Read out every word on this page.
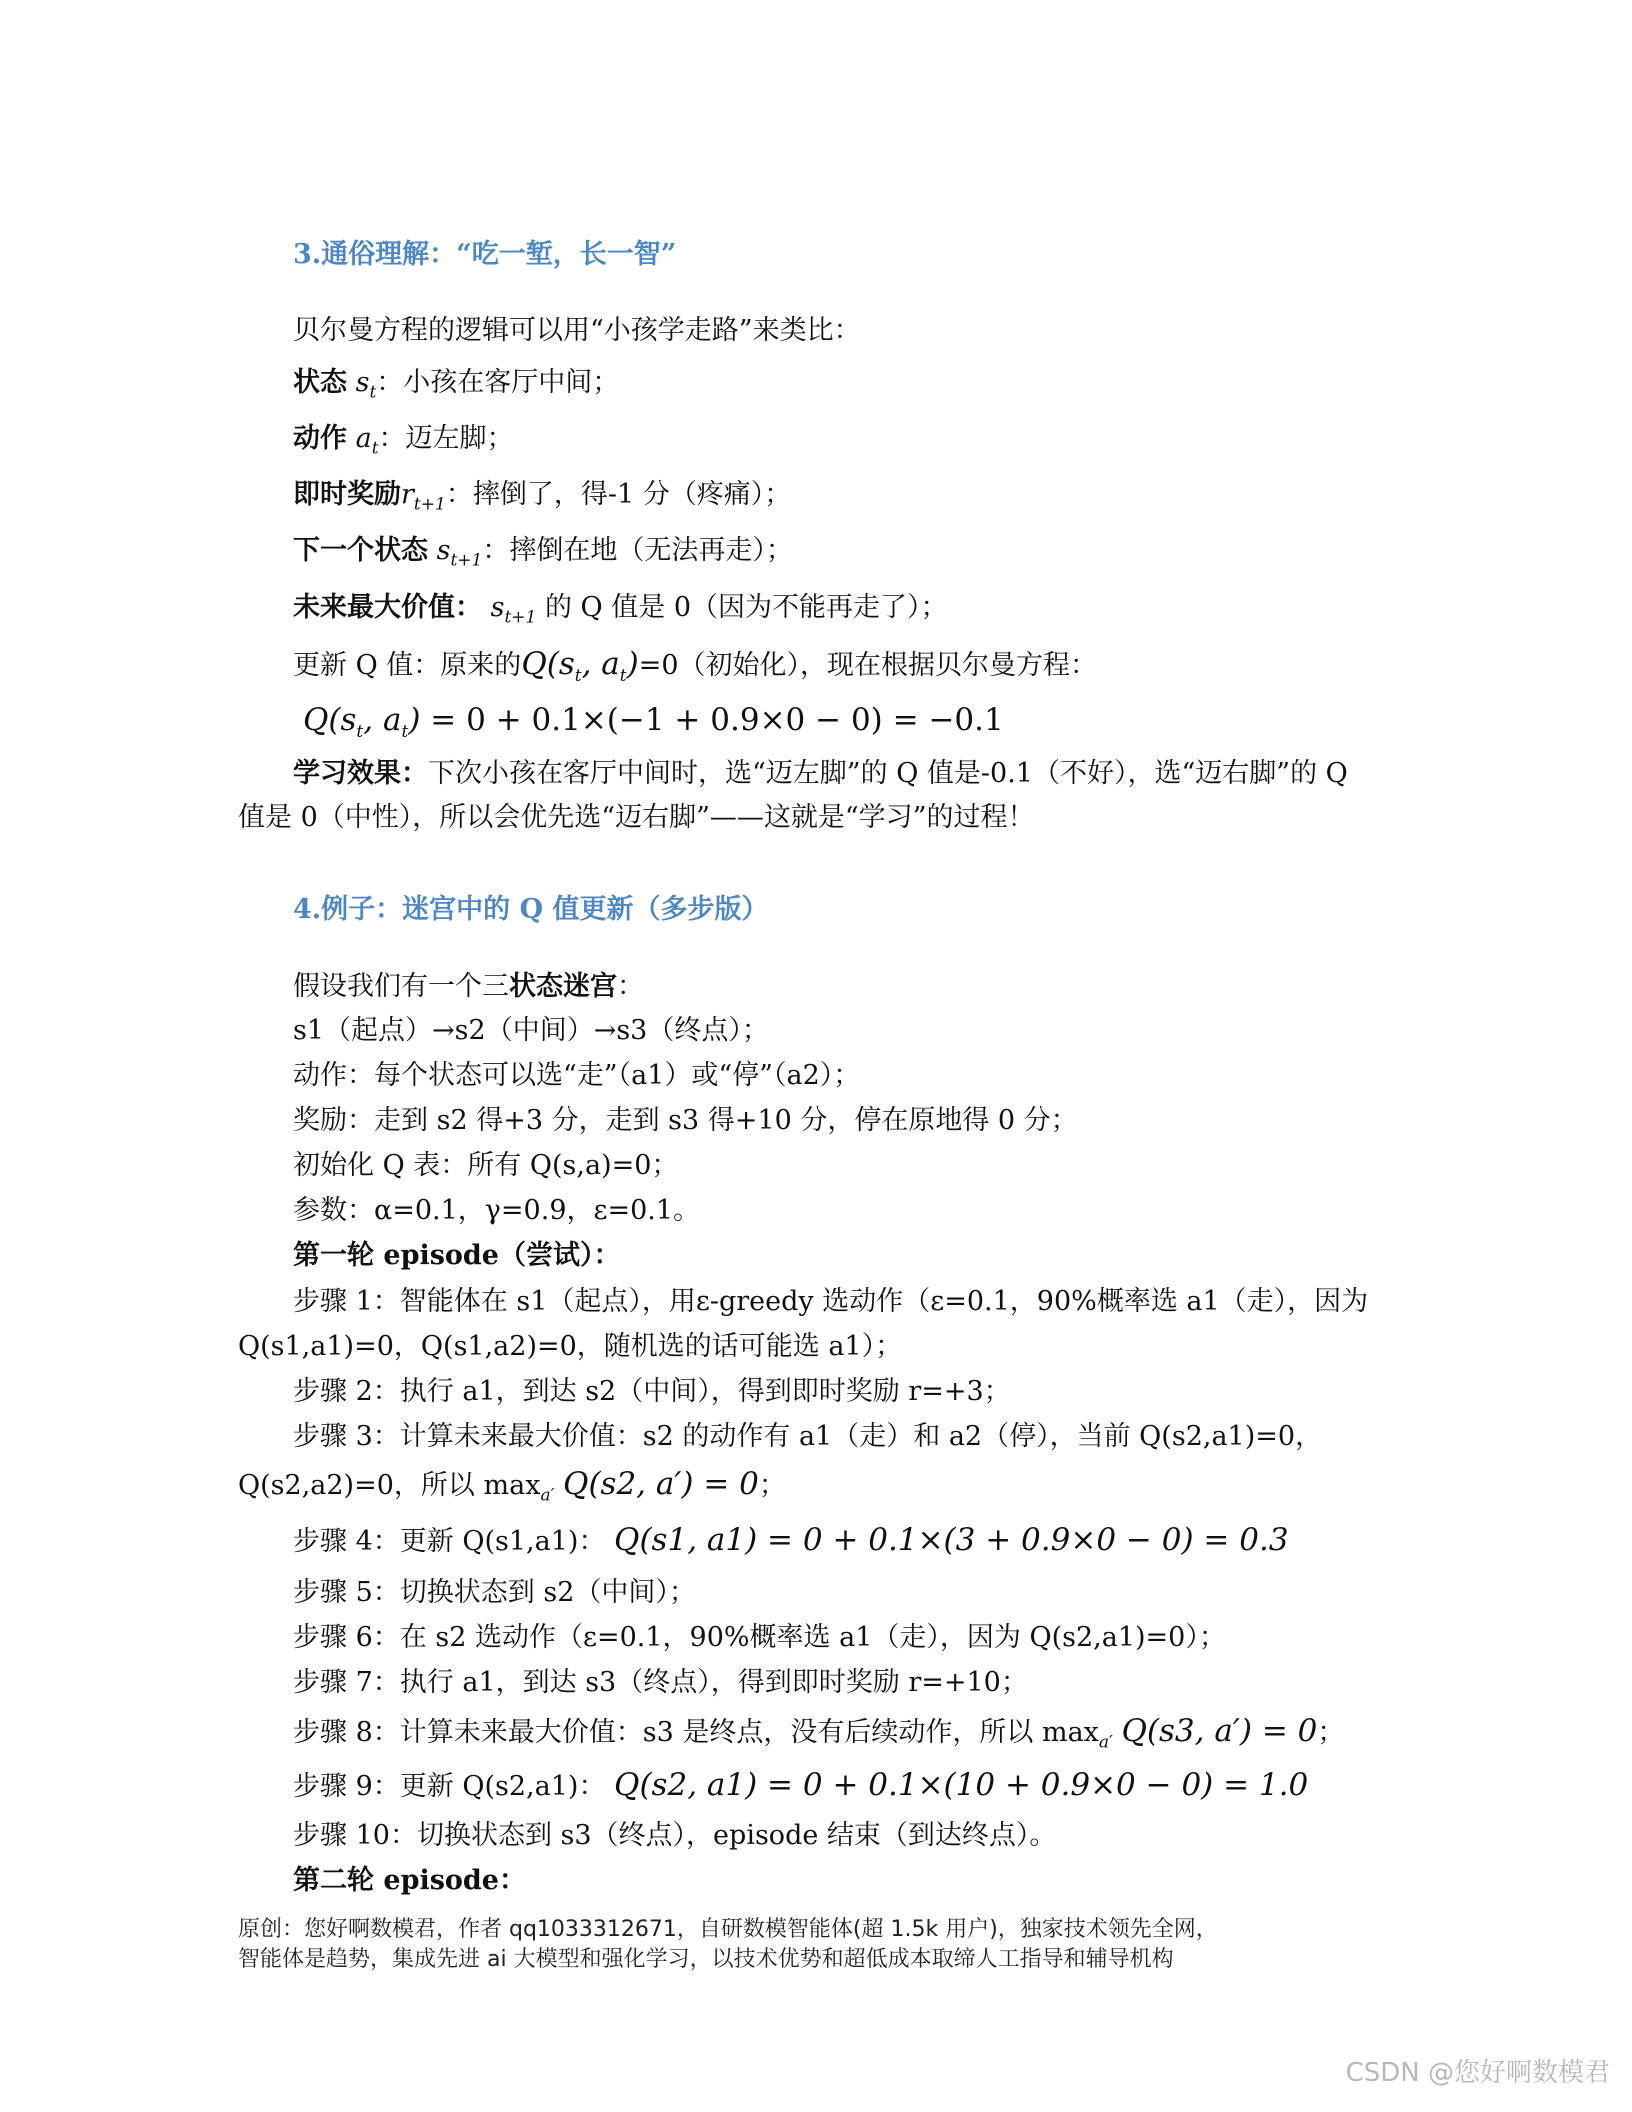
3.通俗理解：“吃一堑，长一智”
贝尔曼方程的逻辑可以用“小孩学走路”来类比：
状态 $s_t$：小孩在客厅中间；
动作 $a_t$：迈左脚；
即时奖励$r_{t+1}$：摔倒了，得-1 分（疼痛）；
下一个状态 $s_{t+1}$：摔倒在地（无法再走）；
未来最大价值： $s_{t+1}$ 的 Q 值是 0（因为不能再走了）；
更新 Q 值：原来的$Q(s_t$, $a_t)=0$（初始化），现在根据贝尔曼方程：
$Q(s_t$, $a_t) = 0 + 0.1\times(-1 + 0.9\times 0 - 0) = -0.1$
学习效果：下次小孩在客厅中间时，选“迈左脚”的 Q 值是-0.1（不好），选“迈右脚”的 Q
值是 0（中性），所以会优先选“迈右脚”——这就是“学习”的过程！
4.例子：迷宫中的 Q 值更新（多步版）
假设我们有一个三状态迷宫：
s1（起点）→s2（中间）→s3（终点）；
动作：每个状态可以选“走”（a1）或“停”（a2）；
奖励：走到 s2 得+3 分，走到 s3 得+10 分，停在原地得 0 分；
初始化 Q 表：所有 Q(s,a)=0；
参数：α=0.1，γ=0.9，ε=0.1。
第一轮 episode（尝试）：
步骤 1：智能体在 s1（起点），用ε-greedy 选动作（ε=0.1，90%概率选 a1（走），因为
Q(s1,a1)=0，Q(s1,a2)=0，随机选的话可能选 a1）；
步骤 2：执行 a1，到达 s2（中间），得到即时奖励 r=+3；
步骤 3：计算未来最大价值：s2 的动作有 a1（走）和 a2（停），当前 Q(s2,a1)=0，
Q(s2,a2)=0，所以 $\max_{a'} Q(s2$, a′) = 0；
步骤 4：更新 Q(s1,a1)： Q(s1, a1) = 0 + 0.1×(3 + 0.9×0 − 0) = 0.3
步骤 5：切换状态到 s2（中间）；
步骤 6：在 s2 选动作（ε=0.1，90%概率选 a1（走），因为 Q(s2,a1)=0）；
步骤 7：执行 a1，到达 s3（终点），得到即时奖励 r=+10；
步骤 8：计算未来最大价值：s3 是终点，没有后续动作，所以 $\max_{a'} Q(s3$, a′) = 0；
步骤 9：更新 Q(s2,a1)： Q(s2, a1) = 0 + 0.1×(10 + 0.9×0 − 0) = 1.0
步骤 10：切换状态到 s3（终点），episode 结束（到达终点）。
第二轮 episode：
原创：您好啊数模君，作者 qq1033312671，自研数模智能体(超 1.5k 用户)，独家技术领先全网，
智能体是趋势，集成先进 ai 大模型和强化学习，以技术优势和超低成本取缔人工指导和辅导机构
CSDN @您好啊数模君
